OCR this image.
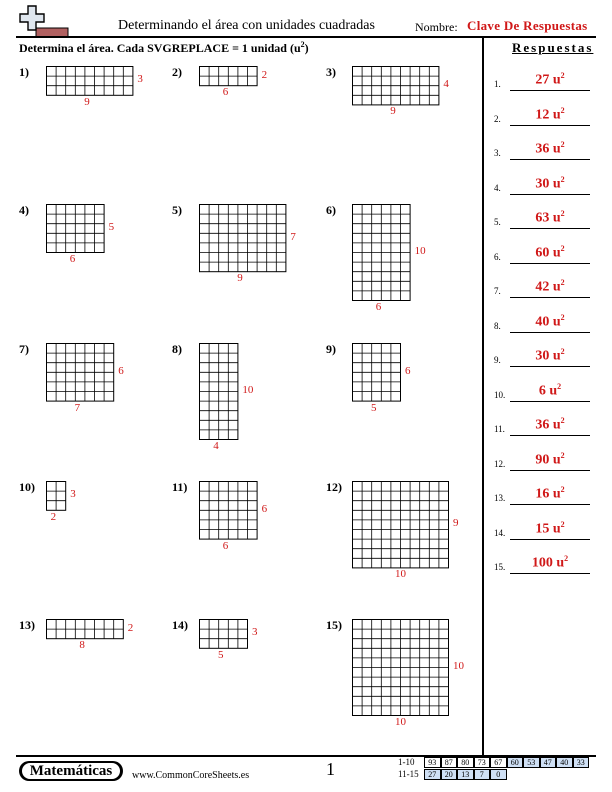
Determinando el área con unidades cuadradas	Nombre: Clave De Respuestas
Determina el área. Cada SVGREPLACE = 1 unidad $(u^2)$	Respuestas
1)
9
3
2)
6
2	3)
9
4
4)
6
5
5)
9
7
6)
6
10
7)
7
6
8)
4
10
9)
5
6
10)
2
3
11)
6
6
12)
10
9
13)
8
2	14)
5
3
15)
10
10
1.	27 $u^2$
2.	12 $u^2$
3.	36 $u^2$
4.	30 $u^2$
5.	63 $u^2$
6.	60 $u^2$
7.	42 $u^2$
8.	40 $u^2$
9.	30 $u^2$
10.	6 $u^2$
11.	36 $u^2$
12.	90 $u^2$
13.	16 $u^2$
14.	15 $u^2$
15.	100 $u^2$
Matemáticas	www.CommonCoreSheets.es	1	1-10	93	87	80	73	67	60	53	47	40	33
11-15	27	20	13	7	0
